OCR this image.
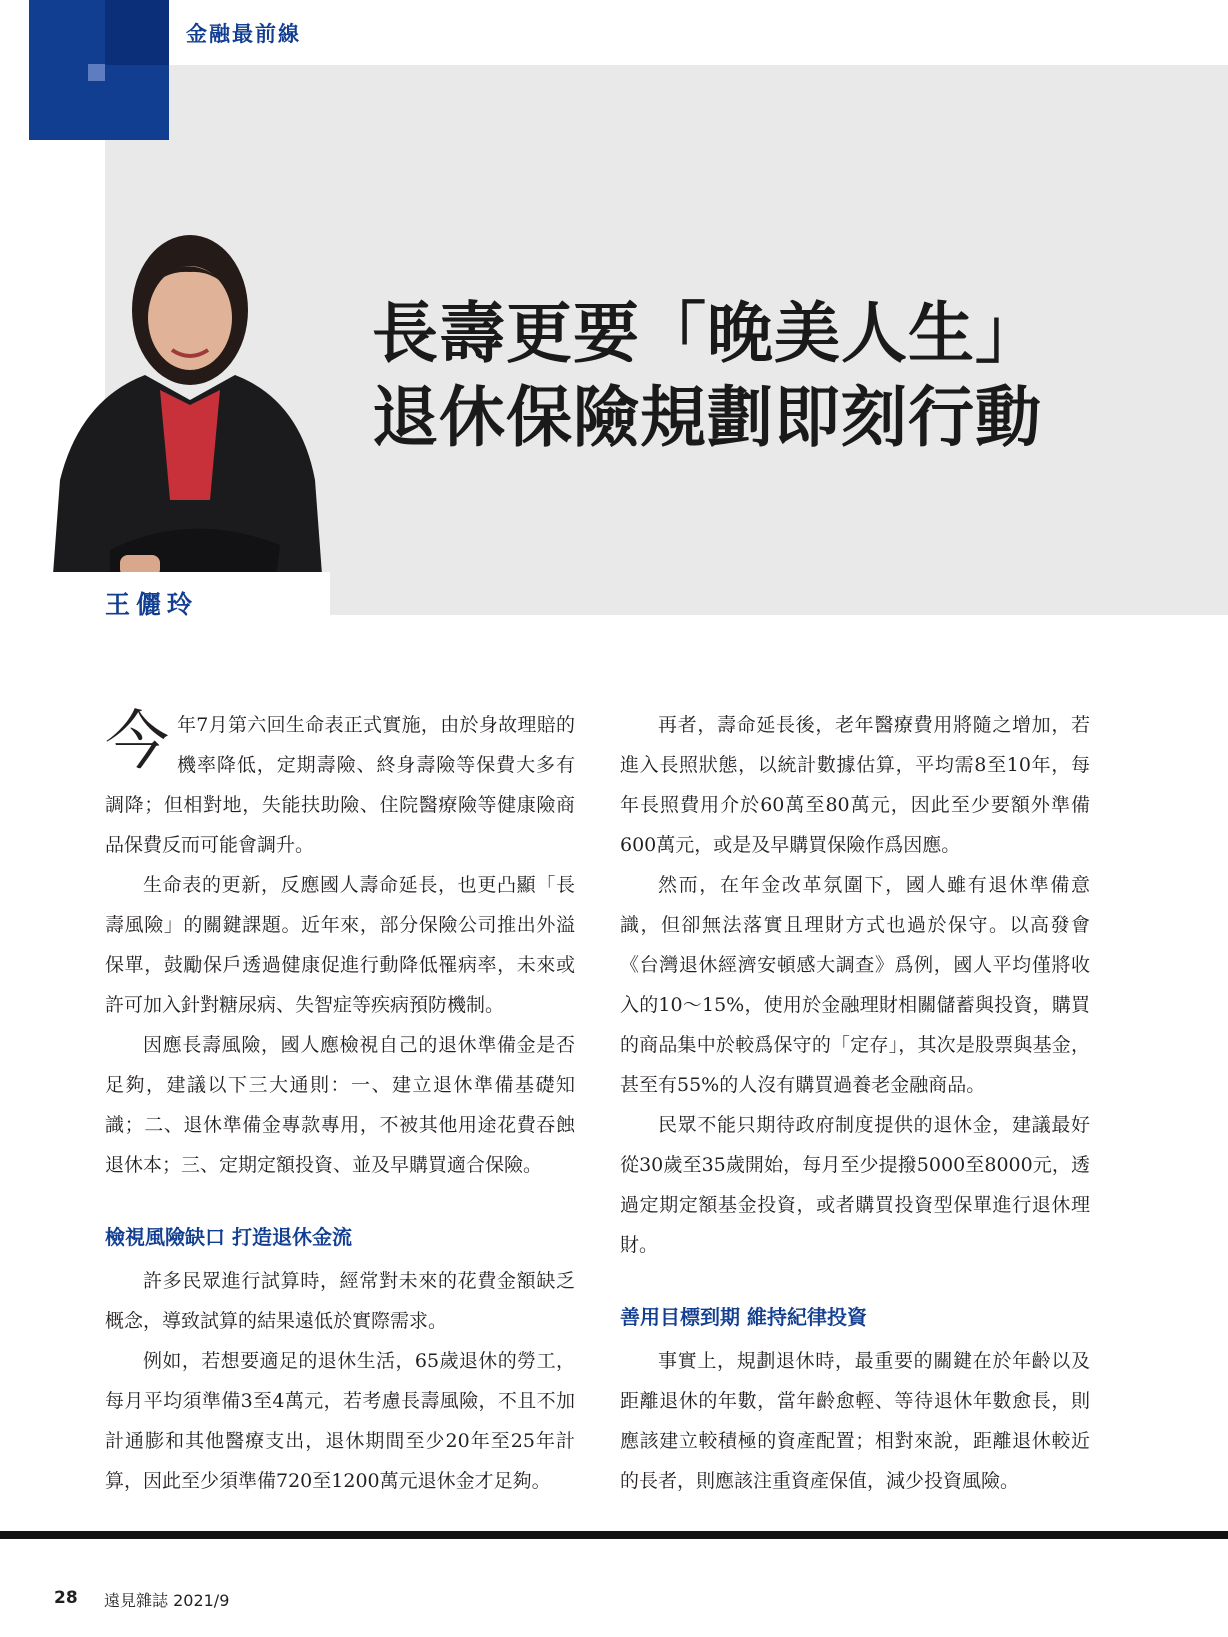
金融最前線
長壽更要「晚美人生」
退休保險規劃即刻行動
王儷玲

今年7月第六回生命表正式實施，由於身故理賠的機率降低，定期壽險、終身壽險等保費大多有調降；但相對地，失能扶助險、住院醫療險等健康險商品保費反而可能會調升。

生命表的更新，反應國人壽命延長，也更凸顯「長壽風險」的關鍵課題。近年來，部分保險公司推出外溢保單，鼓勵保戶透過健康促進行動降低罹病率，未來或許可加入針對糖尿病、失智症等疾病預防機制。

因應長壽風險，國人應檢視自己的退休準備金是否足夠，建議以下三大通則：一、建立退休準備基礎知識；二、退休準備金專款專用，不被其他用途花費吞蝕退休本；三、定期定額投資、並及早購買適合保險。

檢視風險缺口 打造退休金流

許多民眾進行試算時，經常對未來的花費金額缺乏概念，導致試算的結果遠低於實際需求。

例如，若想要適足的退休生活，65歲退休的勞工，每月平均須準備3至4萬元，若考慮長壽風險，不且不加計通膨和其他醫療支出，退休期間至少20年至25年計算，因此至少須準備720至1200萬元退休金才足夠。

再者，壽命延長後，老年醫療費用將隨之增加，若進入長照狀態，以統計數據估算，平均需8至10年，每年長照費用介於60萬至80萬元，因此至少要額外準備600萬元，或是及早購買保險作爲因應。

然而，在年金改革氛圍下，國人雖有退休準備意識，但卻無法落實且理財方式也過於保守。以高發會《台灣退休經濟安頓感大調查》爲例，國人平均僅將收入的10～15%，使用於金融理財相關儲蓄與投資，購買的商品集中於較爲保守的「定存」，其次是股票與基金，甚至有55%的人沒有購買過養老金融商品。

民眾不能只期待政府制度提供的退休金，建議最好從30歲至35歲開始，每月至少提撥5000至8000元，透過定期定額基金投資，或者購買投資型保單進行退休理財。

善用目標到期 維持紀律投資

事實上，規劃退休時，最重要的關鍵在於年齡以及距離退休的年數，當年齡愈輕、等待退休年數愈長，則應該建立較積極的資產配置；相對來說，距離退休較近的長者，則應該注重資產保值，減少投資風險。

28 遠見雜誌 2021/9
